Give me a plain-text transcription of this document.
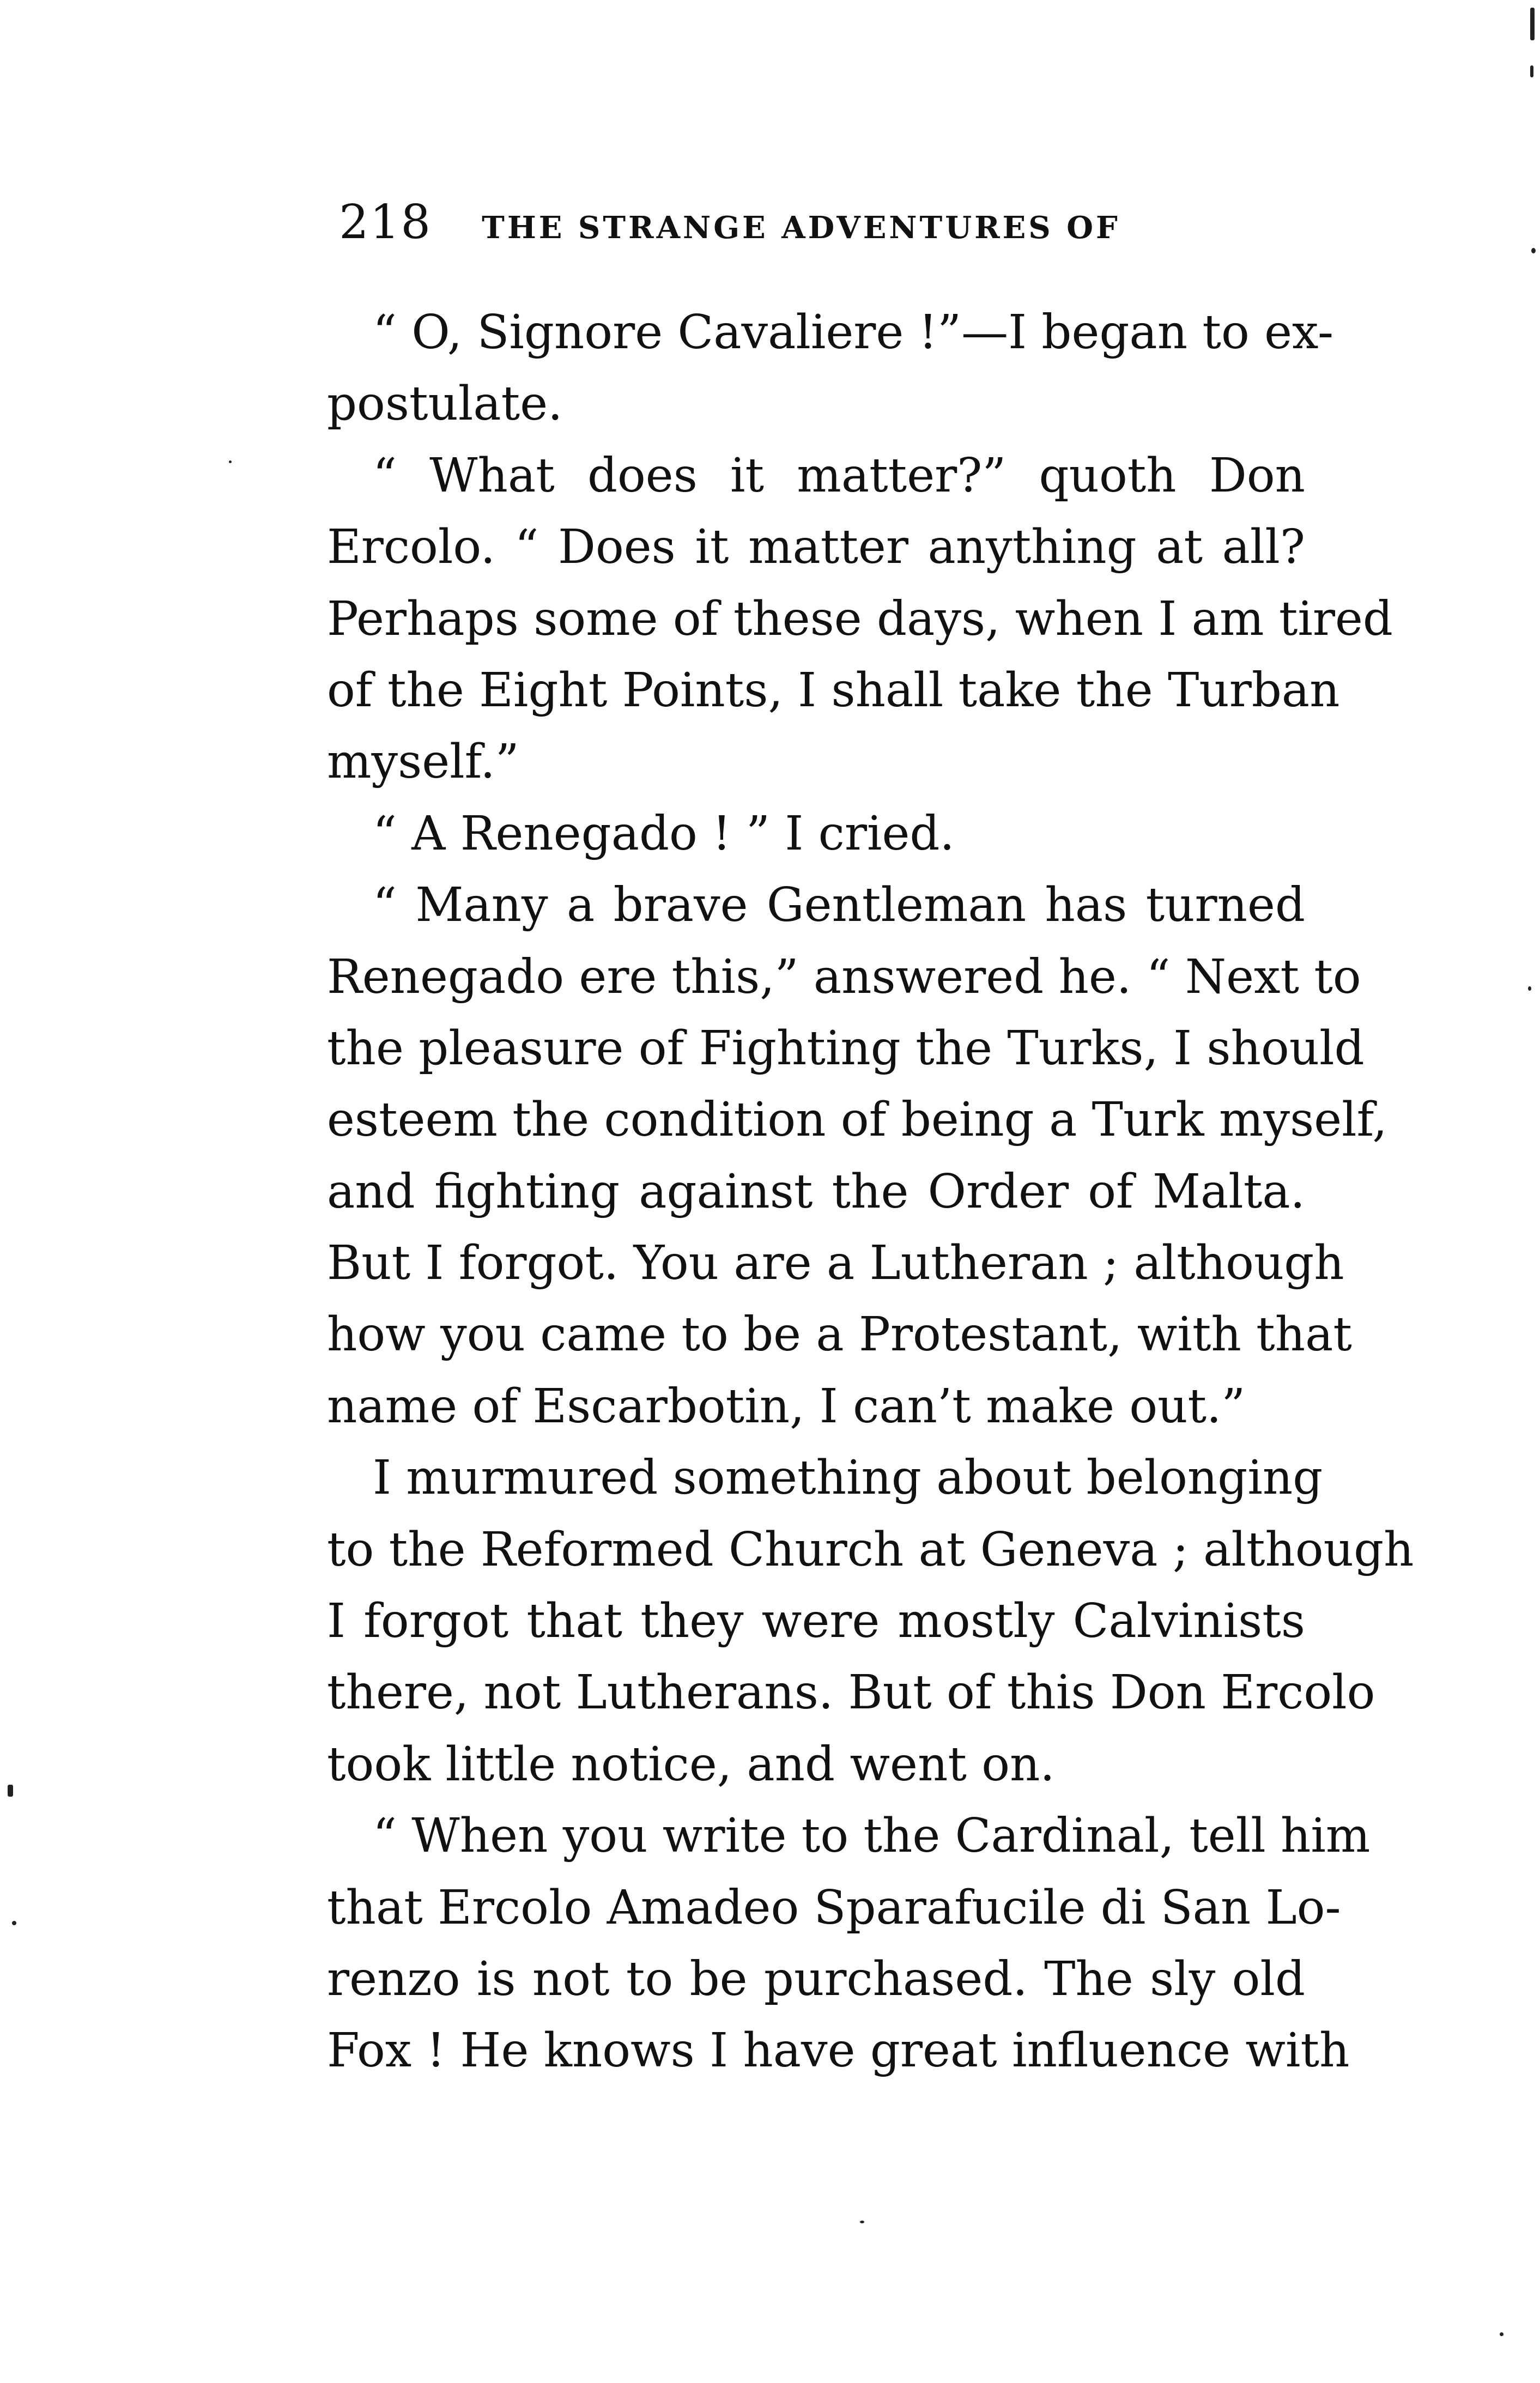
218 THE STRANGE ADVENTURES OF
“ O, Signore Cavaliere !”—I began to ex-
postulate.
“ What does it matter?” quoth Don
Ercolo. “ Does it matter anything at all?
Perhaps some of these days, when I am tired
of the Eight Points, I shall take the Turban
myself.”
“ A Renegado ! ” I cried.
“ Many a brave Gentleman has turned
Renegado ere this,” answered he. “ Next to
the pleasure of Fighting the Turks, I should
esteem the condition of being a Turk myself,
and fighting against the Order of Malta.
But I forgot. You are a Lutheran ; although
how you came to be a Protestant, with that
name of Escarbotin, I can’t make out.”
I murmured something about belonging
to the Reformed Church at Geneva ; although
I forgot that they were mostly Calvinists
there, not Lutherans. But of this Don Ercolo
took little notice, and went on.
“ When you write to the Cardinal, tell him
that Ercolo Amadeo Sparafucile di San Lo-
renzo is not to be purchased. The sly old
Fox ! He knows I have great influence with
